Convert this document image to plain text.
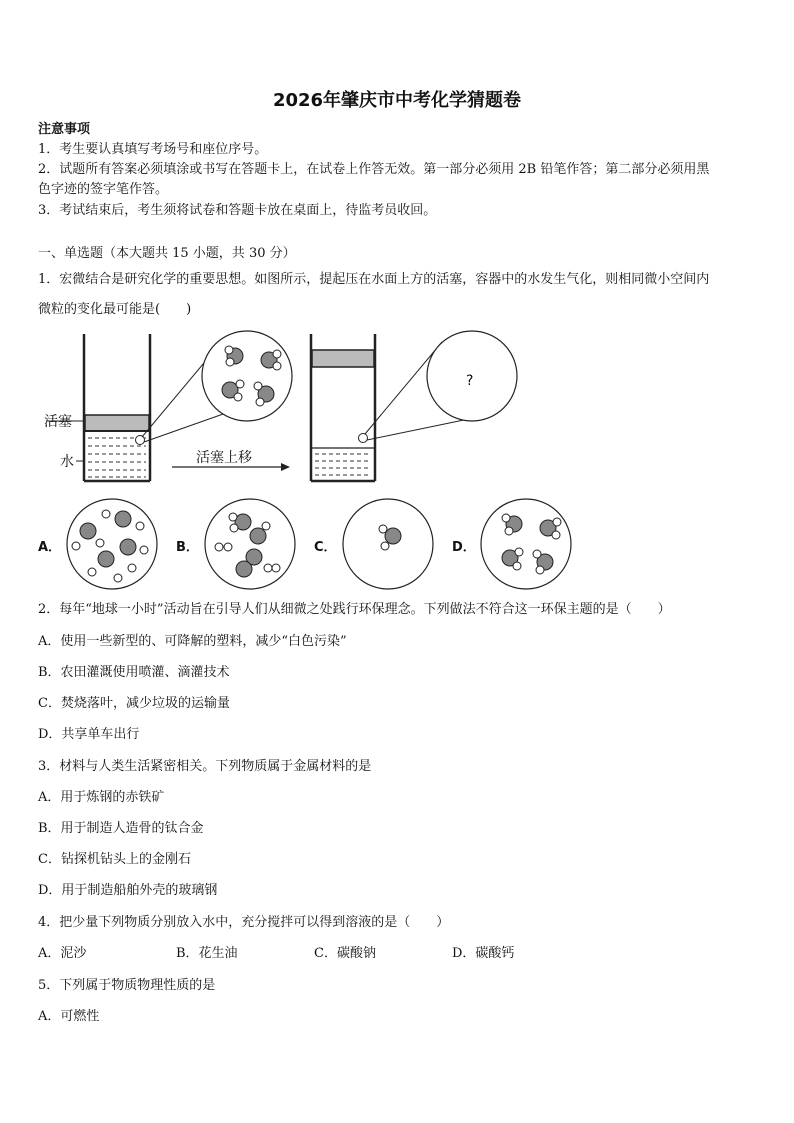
2026年肇庆市中考化学猜题卷
注意事项
1．考生要认真填写考场号和座位序号。
2．试题所有答案必须填涂或书写在答题卡上，在试卷上作答无效。第一部分必须用 2B 铅笔作答；第二部分必须用黑
色字迹的签字笔作答。
3．考试结束后，考生须将试卷和答题卡放在桌面上，待监考员收回。
一、单选题（本大题共 15 小题，共 30 分）
1．宏微结合是研究化学的重要思想。如图所示，提起压在水面上方的活塞，容器中的水发生气化，则相同微小空间内
微粒的变化最可能是(　　)
活塞
水	活塞上移
?
A．	B．	C．	D．
2．每年“地球一小时”活动旨在引导人们从细微之处践行环保理念。下列做法不符合这一环保主题的是（　　）
A．使用一些新型的、可降解的塑料，减少“白色污染”
B．农田灌溉使用喷灌、滴灌技术
C．焚烧落叶，减少垃圾的运输量
D．共享单车出行
3．材料与人类生活紧密相关。下列物质属于金属材料的是
A．用于炼钢的赤铁矿
B．用于制造人造骨的钛合金
C．钻探机钻头上的金刚石
D．用于制造船舶外壳的玻璃钢
4．把少量下列物质分别放入水中，充分搅拌可以得到溶液的是（　　）
A．泥沙	B．花生油	C．碳酸钠	D．碳酸钙
5．下列属于物质物理性质的是
A．可燃性
